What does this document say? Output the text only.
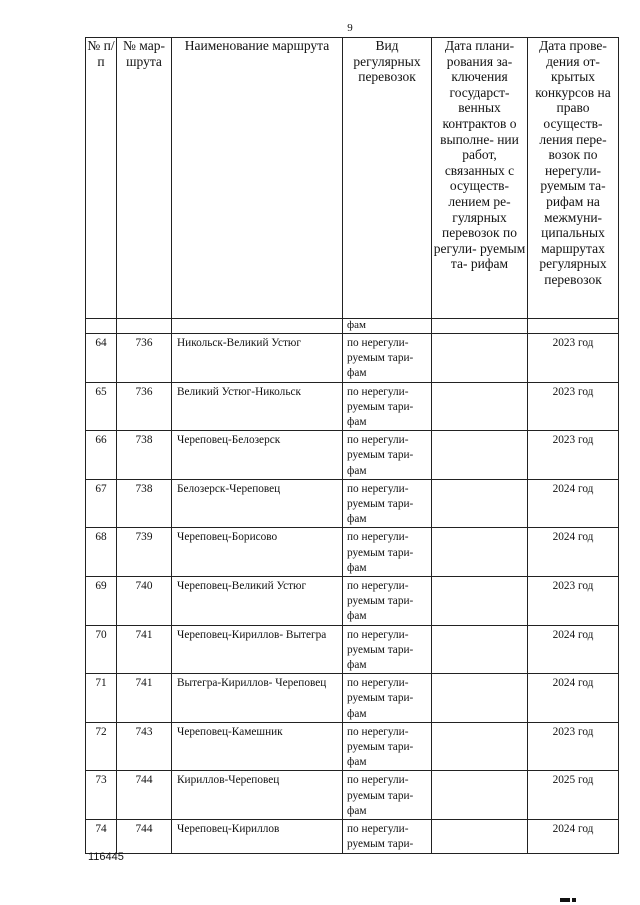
9
№ п/п	№ мар- шрута	Наименование маршрута	Вид регулярных перевозок	Дата плани- рования за- ключения государст- венных контрактов о выполне- нии работ, связанных с осуществ- лением ре- гулярных перевозок по регули- руемым та- рифам	Дата прове- дения от- крытых конкурсов на право осуществ- ления пере- возок по нерегули- руемым та- рифам на межмуни- ципальных маршрутах регулярных перевозок
			фам		
64	736	Никольск-Великий Устюг	по нерегули- руемым тари- фам		2023 год
65	736	Великий Устюг-Никольск	по нерегули- руемым тари- фам		2023 год
66	738	Череповец-Белозерск	по нерегули- руемым тари- фам		2023 год
67	738	Белозерск-Череповец	по нерегули- руемым тари- фам		2024 год
68	739	Череповец-Борисово	по нерегули- руемым тари- фам		2024 год
69	740	Череповец-Великий Устюг	по нерегули- руемым тари- фам		2023 год
70	741	Череповец-Кириллов- Вытегра	по нерегули- руемым тари- фам		2024 год
71	741	Вытегра-Кириллов- Череповец	по нерегули- руемым тари- фам		2024 год
72	743	Череповец-Камешник	по нерегули- руемым тари- фам		2023 год
73	744	Кириллов-Череповец	по нерегули- руемым тари- фам		2025 год
74	744	Череповец-Кириллов	по нерегули- руемым тари-		2024 год
116445
